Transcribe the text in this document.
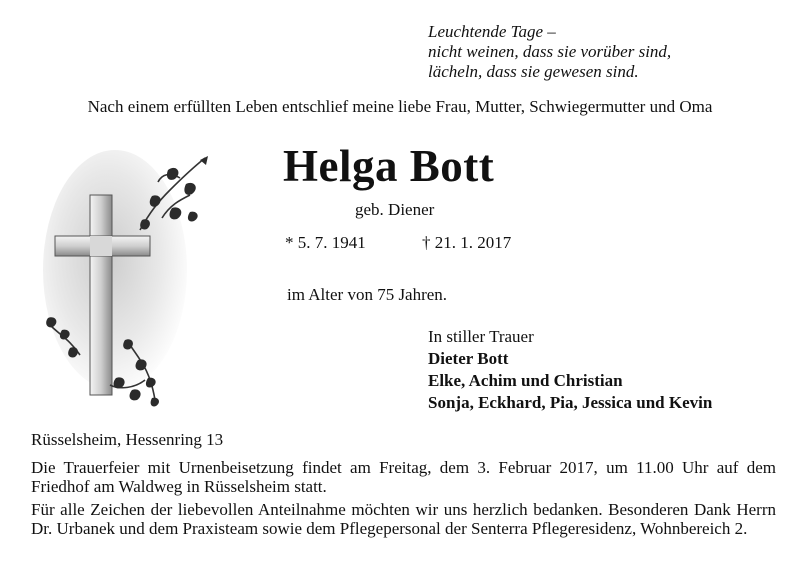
Leuchtende Tage –
nicht weinen, dass sie vorüber sind,
lächeln, dass sie gewesen sind.
Nach einem erfüllten Leben entschlief meine liebe Frau, Mutter, Schwiegermutter und Oma
Helga Bott
geb. Diener
* 5. 7. 1941	† 21. 1. 2017
im Alter von 75 Jahren.
In stiller Trauer
Dieter Bott
Elke, Achim und Christian
Sonja, Eckhard, Pia, Jessica und Kevin
Rüsselsheim, Hessenring 13
Die Trauerfeier mit Urnenbeisetzung findet am Freitag, dem 3. Februar 2017, um 11.00 Uhr auf dem Friedhof am Waldweg in Rüsselsheim statt.
Für alle Zeichen der liebevollen Anteilnahme möchten wir uns herzlich bedanken. Besonderen Dank Herrn Dr. Urbanek und dem Praxisteam sowie dem Pflegepersonal der Senterra Pflegeresidenz, Wohnbereich 2.
